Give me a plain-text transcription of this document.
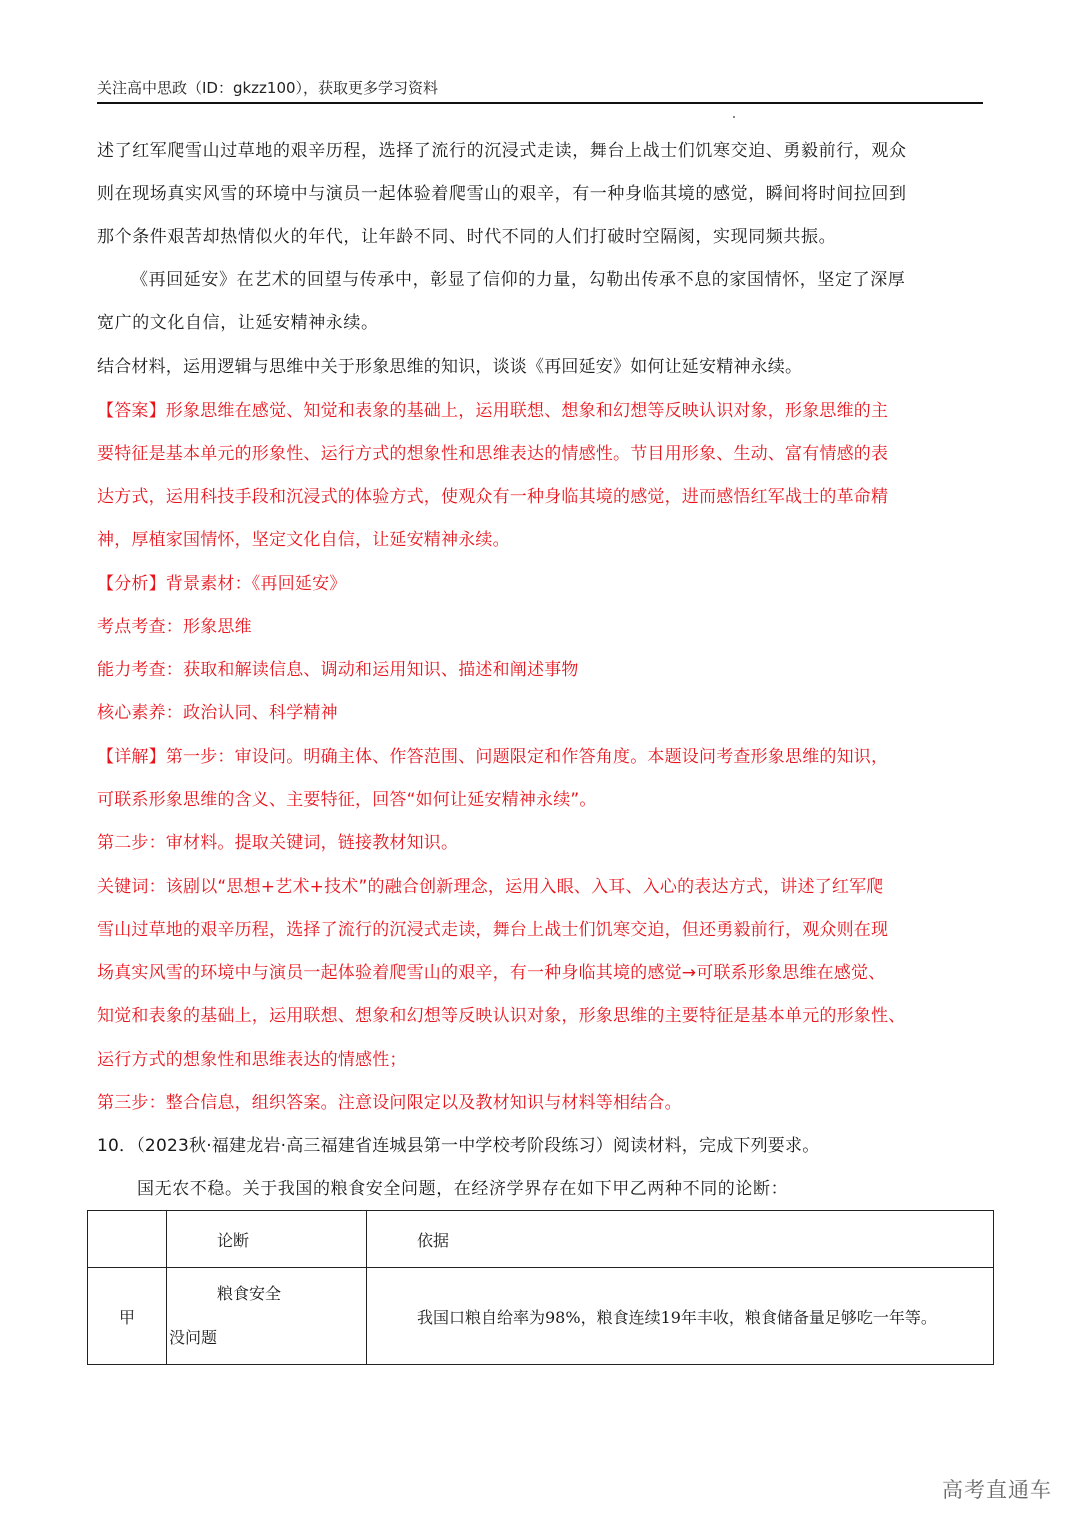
关注高中思政（ID：gkzz100），获取更多学习资料
述了红军爬雪山过草地的艰辛历程，选择了流行的沉浸式走读，舞台上战士们饥寒交迫、勇毅前行，观众
则在现场真实风雪的环境中与演员一起体验着爬雪山的艰辛，有一种身临其境的感觉，瞬间将时间拉回到
那个条件艰苦却热情似火的年代，让年龄不同、时代不同的人们打破时空隔阂，实现同频共振。
《再回延安》在艺术的回望与传承中，彰显了信仰的力量，勾勒出传承不息的家国情怀，坚定了深厚
宽广的文化自信，让延安精神永续。
结合材料，运用逻辑与思维中关于形象思维的知识，谈谈《再回延安》如何让延安精神永续。
【答案】形象思维在感觉、知觉和表象的基础上，运用联想、想象和幻想等反映认识对象，形象思维的主
要特征是基本单元的形象性、运行方式的想象性和思维表达的情感性。节目用形象、生动、富有情感的表
达方式，运用科技手段和沉浸式的体验方式，使观众有一种身临其境的感觉，进而感悟红军战士的革命精
神，厚植家国情怀，坚定文化自信，让延安精神永续。
【分析】背景素材：《再回延安》
考点考查：形象思维
能力考查：获取和解读信息、调动和运用知识、描述和阐述事物
核心素养：政治认同、科学精神
【详解】第一步：审设问。明确主体、作答范围、问题限定和作答角度。本题设问考查形象思维的知识，
可联系形象思维的含义、主要特征，回答“如何让延安精神永续”。
第二步：审材料。提取关键词，链接教材知识。
关键词：该剧以“思想+艺术+技术”的融合创新理念，运用入眼、入耳、入心的表达方式，讲述了红军爬
雪山过草地的艰辛历程，选择了流行的沉浸式走读，舞台上战士们饥寒交迫，但还勇毅前行，观众则在现
场真实风雪的环境中与演员一起体验着爬雪山的艰辛，有一种身临其境的感觉→可联系形象思维在感觉、
知觉和表象的基础上，运用联想、想象和幻想等反映认识对象，形象思维的主要特征是基本单元的形象性、
运行方式的想象性和思维表达的情感性；
第三步：整合信息，组织答案。注意设问限定以及教材知识与材料等相结合。
10．（2023秋·福建龙岩·高三福建省连城县第一中学校考阶段练习）阅读材料，完成下列要求。
国无农不稳。关于我国的粮食安全问题，在经济学界存在如下甲乙两种不同的论断：
	论断	依据
甲	粮食安全
没问题	我国口粮自给率为98%，粮食连续19年丰收，粮食储备量足够吃一年等。
高考直通车
